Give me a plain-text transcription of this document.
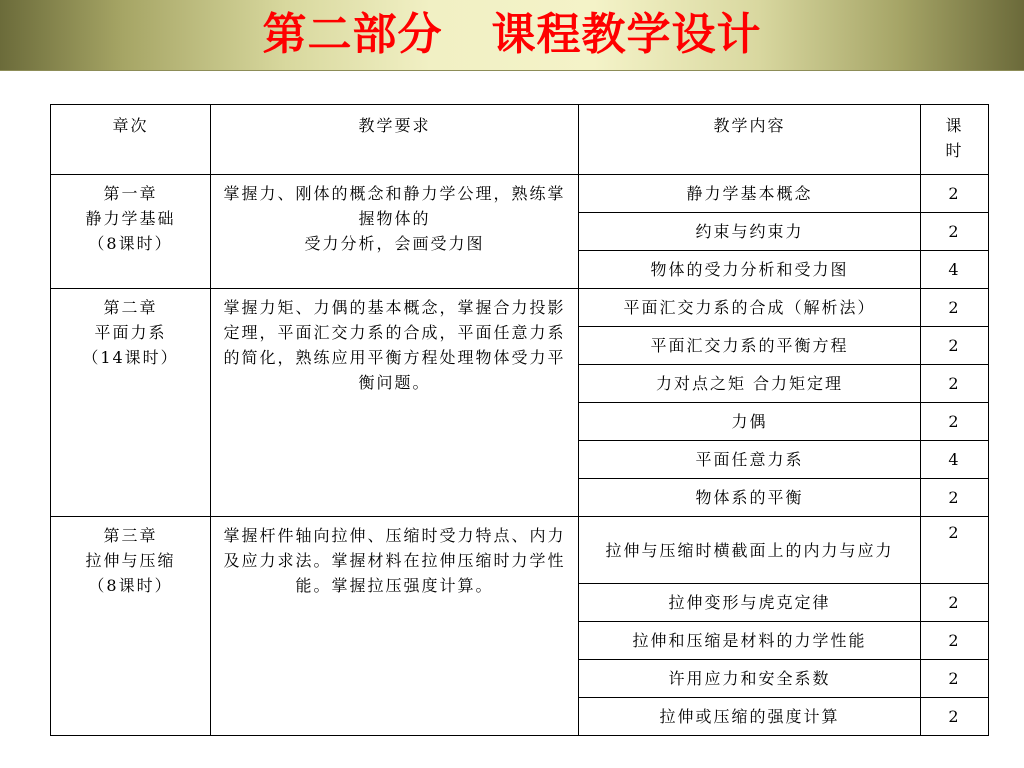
第二部分   课程教学设计
章次	教学要求	教学内容	课
时

第一章
静力学基础
（8课时）	掌握力、刚体的概念和静力学公理，熟练掌握物体的
受力分析，会画受力图	静力学基本概念	2
		约束与约束力	2
		物体的受力分析和受力图	4

第二章
平面力系
（14课时）	掌握力矩、力偶的基本概念，掌握合力投影定理，平面汇交力系的合成，平面任意力系的简化，熟练应用平衡方程处理物体受力平衡问题。	平面汇交力系的合成（解析法）	2
		平面汇交力系的平衡方程	2
		力对点之矩 合力矩定理	2
		力偶	2
		平面任意力系	4
		物体系的平衡	2

第三章
拉伸与压缩
（8课时）	掌握杆件轴向拉伸、压缩时受力特点、内力及应力求法。掌握材料在拉伸压缩时力学性能。掌握拉压强度计算。	拉伸与压缩时横截面上的内力与应力	2
		拉伸变形与虎克定律	2
		拉伸和压缩是材料的力学性能	2
		许用应力和安全系数	2
		拉伸或压缩的强度计算	2
